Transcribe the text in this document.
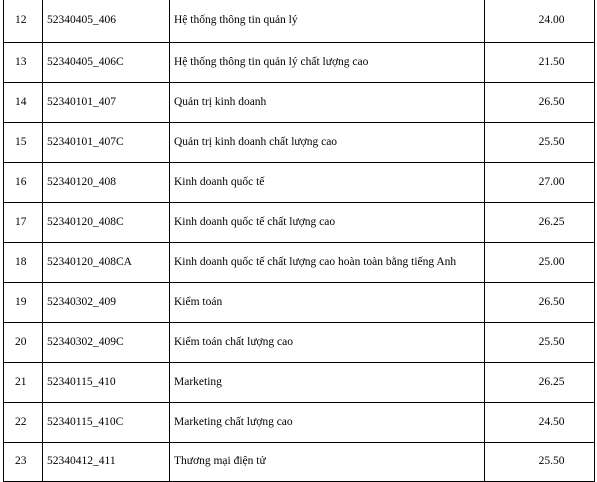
12	52340405_406	Hệ thống thông tin quản lý	24.00
13	52340405_406C	Hệ thống thông tin quản lý chất lượng cao	21.50
14	52340101_407	Quản trị kinh doanh	26.50
15	52340101_407C	Quản trị kinh doanh chất lượng cao	25.50
16	52340120_408	Kinh doanh quốc tế	27.00
17	52340120_408C	Kinh doanh quốc tế chất lượng cao	26.25
18	52340120_408CA	Kinh doanh quốc tế chất lượng cao hoàn toàn bằng tiếng Anh	25.00
19	52340302_409	Kiểm toán	26.50
20	52340302_409C	Kiểm toán chất lượng cao	25.50
21	52340115_410	Marketing	26.25
22	52340115_410C	Marketing chất lượng cao	24.50
23	52340412_411	Thương mại điện tử	25.50
